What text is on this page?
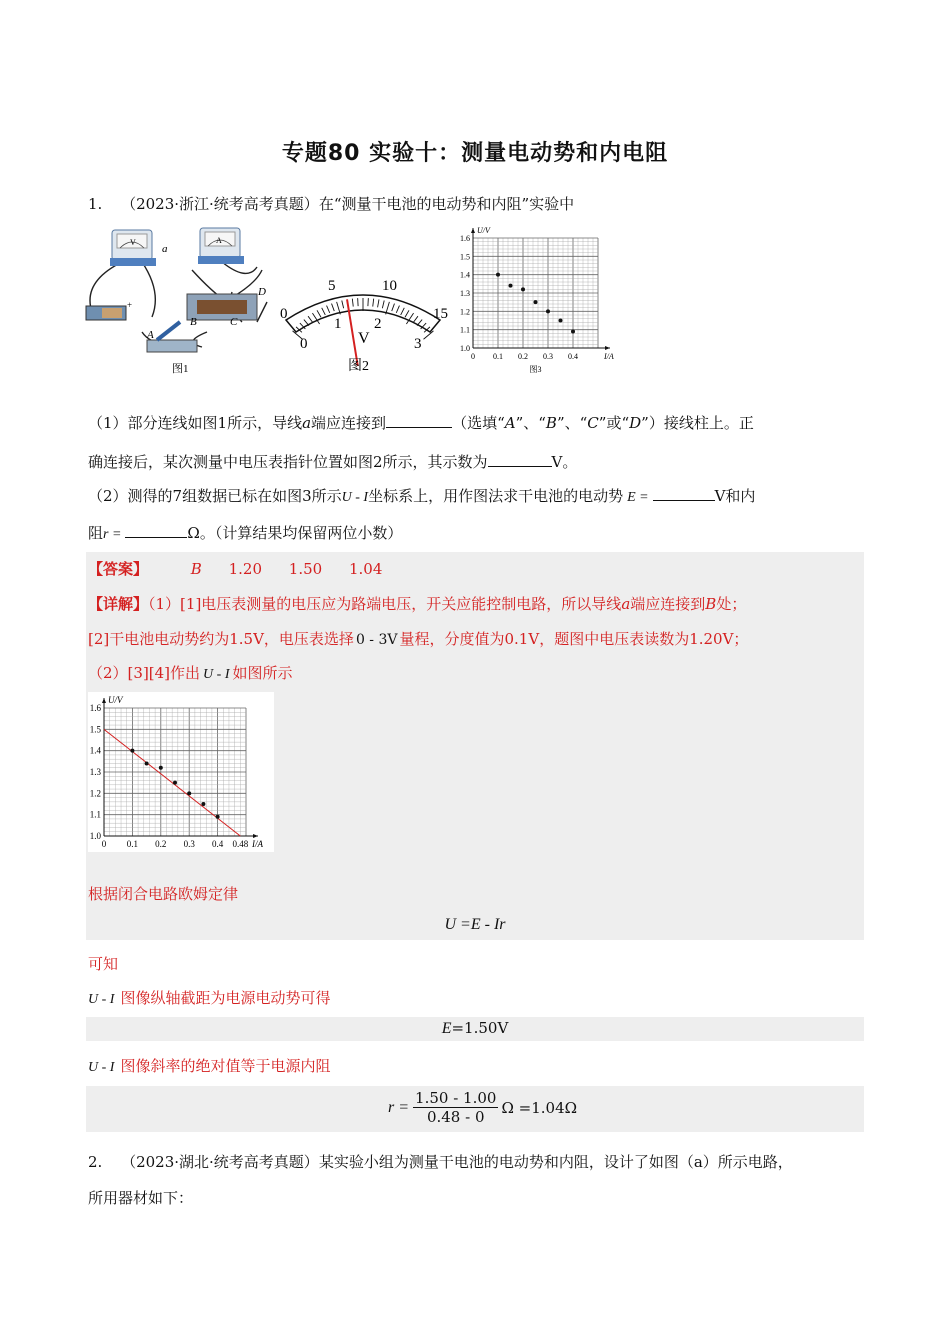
专题80 实验十：测量电动势和内电阻
1. （2023·浙江·统考高考真题）在“测量干电池的电动势和内阻”实验中
V	A
a
+
B	C
D
A
图1
0
5	10
15
0
1 2
3
V
图2
U/V
I/A
1.0
1.1
1.2
1.3
1.4
1.5
1.6
0 0.1 0.2 0.3 0.4
图3
（1）部分连线如图1所示，导线a端应连接到	（选填“A”、“B”、“C”或“D”）接线柱上。正
确连接后，某次测量中电压表指针位置如图2所示，其示数为	V。
（2）测得的7组数据已标在如图3所示U - I坐标系上，用作图法求干电池的电动势 E =	V和内
阻r =	Ω。（计算结果均保留两位小数）
【答案】	B 1.20 1.50 1.04
【详解】（1）[1]电压表测量的电压应为路端电压，开关应能控制电路，所以导线a端应连接到B处；
[2]干电池电动势约为1.5V，电压表选择 0 - 3V 量程，分度值为0.1V，题图中电压表读数为1.20V；
（2）[3][4]作出 U - I 如图所示
U/V
I/A
1.0
1.1
1.2
1.3
1.4
1.5
1.6
0 0.1 0.2 0.3 0.4 0.48
根据闭合电路欧姆定律
U =E - Ir
可知
U - I 图像纵轴截距为电源电动势可得
E=1.50V
U - I 图像斜率的绝对值等于电源内阻
$r = \frac{1.50 - 1.00}{0.48 - 0}$ Ω =1.04Ω
2. （2023·湖北·统考高考真题）某实验小组为测量干电池的电动势和内阻，设计了如图（a）所示电路，
所用器材如下：
